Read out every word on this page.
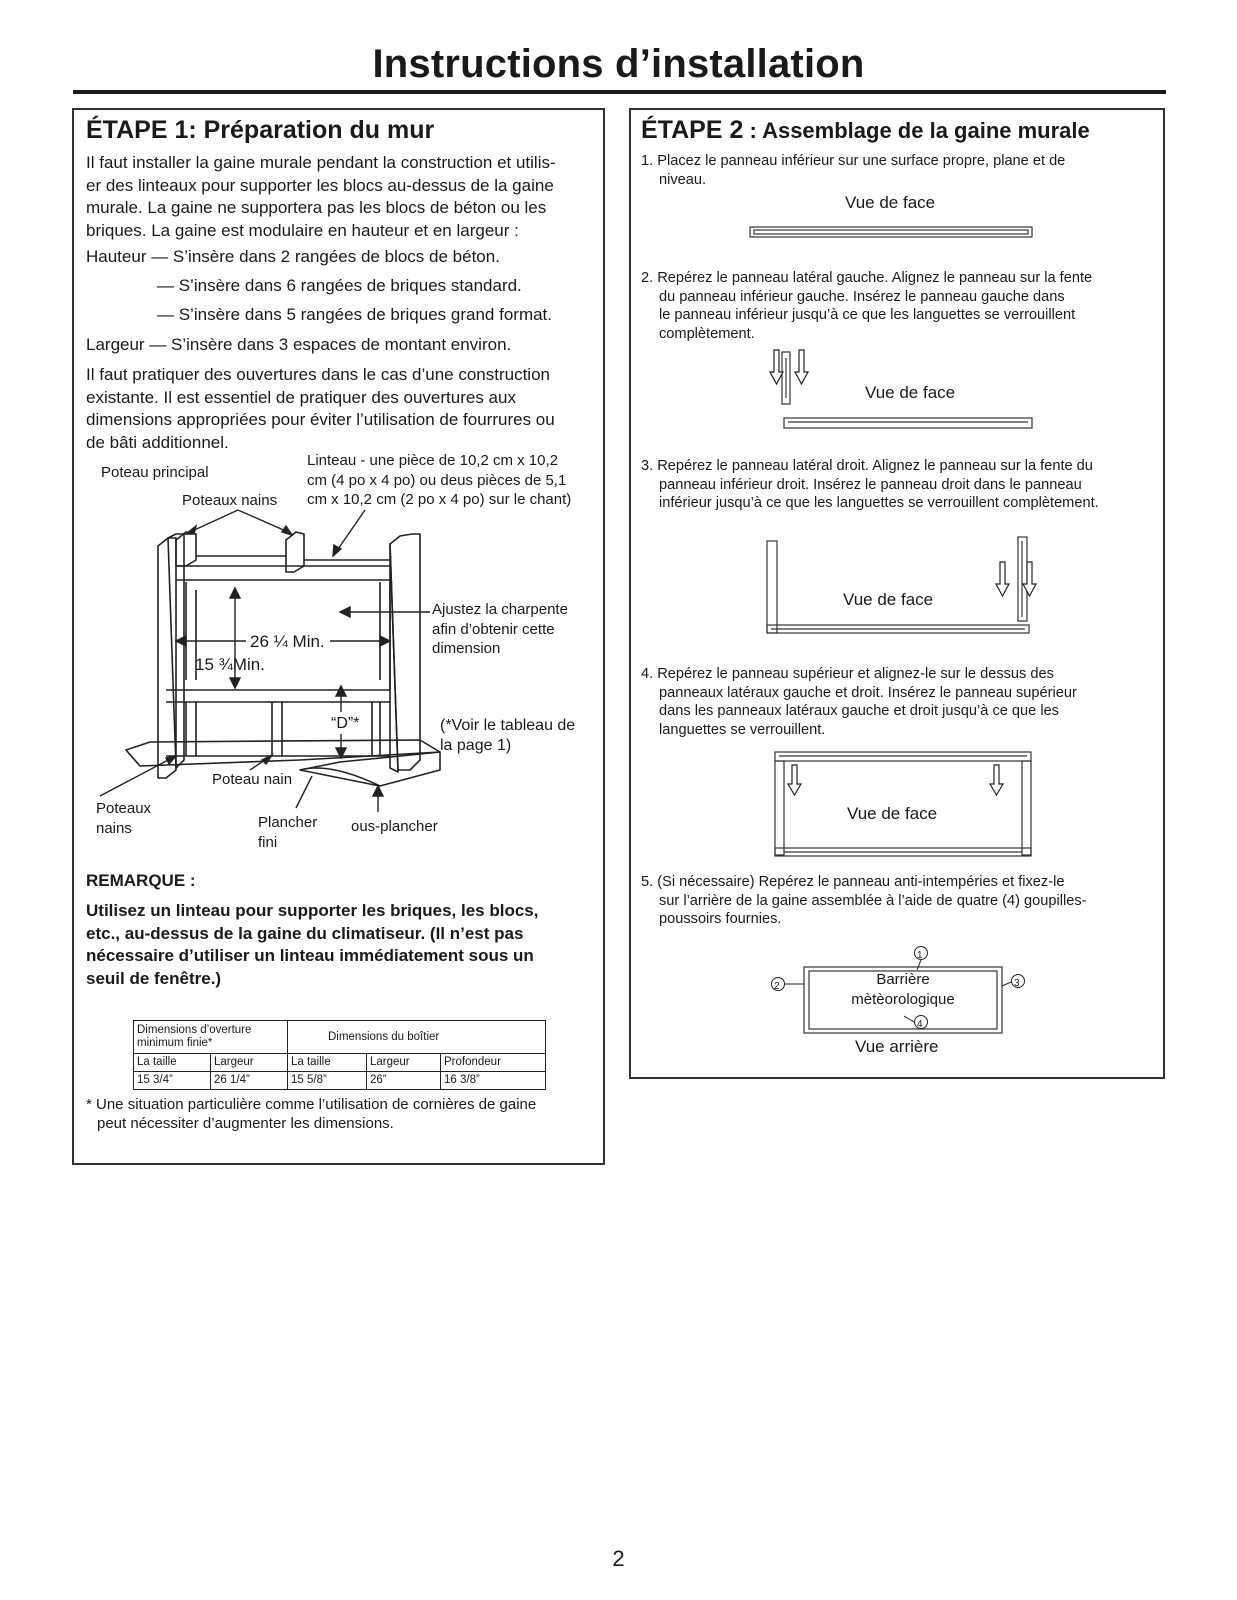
Instructions d’installation
ÉTAPE 1: Préparation du mur
Il faut installer la gaine murale pendant la construction et utilis-
er des linteaux pour supporter les blocs au-dessus de la gaine
murale. La gaine ne supportera pas les blocs de béton ou les
briques. La gaine est modulaire en hauteur et en largeur :
Hauteur — S’insère dans 2 rangées de blocs de béton.
— S’insère dans 6 rangées de briques standard.
— S’insère dans 5 rangées de briques grand format.
Largeur — S’insère dans 3 espaces de montant environ.
Il faut pratiquer des ouvertures dans le cas d’une construction
existante. Il est essentiel de pratiquer des ouvertures aux
dimensions appropriées pour éviter l’utilisation de fourrures ou
de bâti additionnel.
Poteau principal
Poteaux nains
Linteau - une pièce de 10,2 cm x 10,2
cm (4 po x 4 po) ou deus pièces de 5,1
cm x 10,2 cm (2 po x 4 po) sur le chant)
Ajustez la charpente
afin d’obtenir cette
dimension
26 ¼ Min.
15 ¾Min.
“D”*	(*Voir le tableau de
la page 1)
Poteau nain
Poteaux
nains	Plancher
fini
ous-plancher
REMARQUE :
Utilisez un linteau pour supporter les briques, les blocs,
etc., au-dessus de la gaine du climatiseur. (Il n’est pas
nécessaire d’utiliser un linteau immédiatement sous un
seuil de fenêtre.)
Dimensions d’overture
minimum finie*		Dimensions du boîtier		
La taille	Largeur	La taille	Largeur	Profondeur
15 3/4”	26 1/4”	15 5/8”	26”	16 3/8”
* Une situation particulière comme l’utilisation de cornières de gaine
peut nécessiter d’augmenter les dimensions.
ÉTAPE 2 : Assemblage de la gaine murale
1. Placez le panneau inférieur sur une surface propre, plane et de
niveau.
Vue de face
2. Repérez le panneau latéral gauche. Alignez le panneau sur la fente
du panneau inférieur gauche. Insérez le panneau gauche dans
le panneau inférieur jusqu’à ce que les languettes se verrouillent
complètement.
Vue de face
3. Repérez le panneau latéral droit. Alignez le panneau sur la fente du
panneau inférieur droit. Insérez le panneau droit dans le panneau
inférieur jusqu’à ce que les languettes se verrouillent complètement.
Vue de face
4. Repérez le panneau supérieur et alignez-le sur le dessus des
panneaux latéraux gauche et droit. Insérez le panneau supérieur
dans les panneaux latéraux gauche et droit jusqu’à ce que les
languettes se verrouillent.
Vue de face
5. (Si nécessaire) Repérez le panneau anti-intempéries et fixez-le
sur l’arrière de la gaine assemblée à l’aide de quatre (4) goupilles-
poussoirs fournies.
1
2	3
4
Barrière
mètèorologique
Vue arrière
2
